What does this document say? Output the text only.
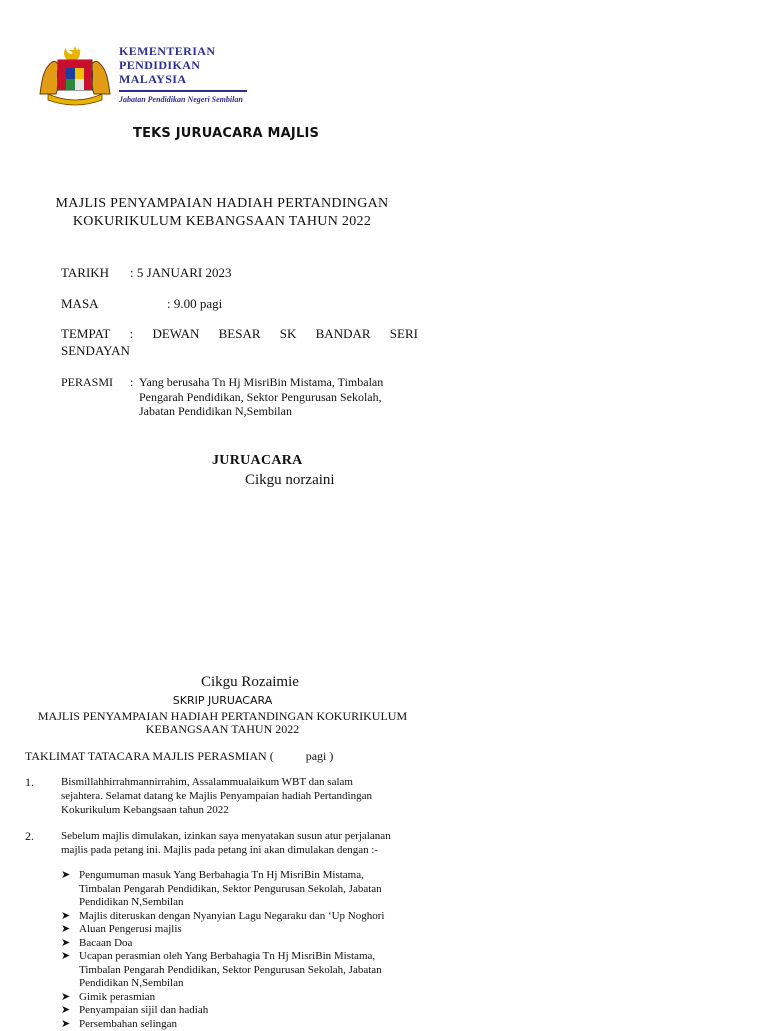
KEMENTERIAN
PENDIDIKAN
MALAYSIA
Jabatan Pendidikan Negeri Sembilan
TEKS JURUACARA MAJLIS
MAJLIS PENYAMPAIAN HADIAH PERTANDINGAN
KOKURIKULUM KEBANGSAAN TAHUN 2022
TARIKH : 5 JANUARI 2023
MASA	: 9.00 pagi
TEMPAT : DEWAN BESAR SK BANDAR SERI
SENDAYAN
PERASMI : Yang berusaha Tn Hj MisriBin Mistama, Timbalan
Pengarah Pendidikan, Sektor Pengurusan Sekolah,
Jabatan Pendidikan N,Sembilan
JURUACARA
Cikgu norzaini
Cikgu Rozaimie
SKRIP JURUACARA
MAJLIS PENYAMPAIAN HADIAH PERTANDINGAN KOKURIKULUM
KEBANGSAAN TAHUN 2022
TAKLIMAT TATACARA MAJLIS PERASMIAN (	pagi )
1. Bismillahhirrahmannirrahim, Assalammualaikum WBT dan salam
sejahtera. Selamat datang ke Majlis Penyampaian hadiah Pertandingan
Kokurikulum Kebangsaan tahun 2022
2. Sebelum majlis dimulakan, izinkan saya menyatakan susun atur perjalanan
majlis pada petang ini. Majlis pada petang ini akan dimulakan dengan :-
➤ Pengumuman masuk Yang Berbahagia Tn Hj MisriBin Mistama,
Timbalan Pengarah Pendidikan, Sektor Pengurusan Sekolah, Jabatan
Pendidikan N,Sembilan
➤ Majlis diteruskan dengan Nyanyian Lagu Negaraku dan ‘Up Noghori
➤ Aluan Pengerusi majlis
➤ Bacaan Doa
➤ Ucapan perasmian oleh Yang Berbahagia Tn Hj MisriBin Mistama,
Timbalan Pengarah Pendidikan, Sektor Pengurusan Sekolah, Jabatan
Pendidikan N,Sembilan
➤ Gimik perasmian
➤ Penyampaian sijil dan hadiah
➤ Persembahan selingan
